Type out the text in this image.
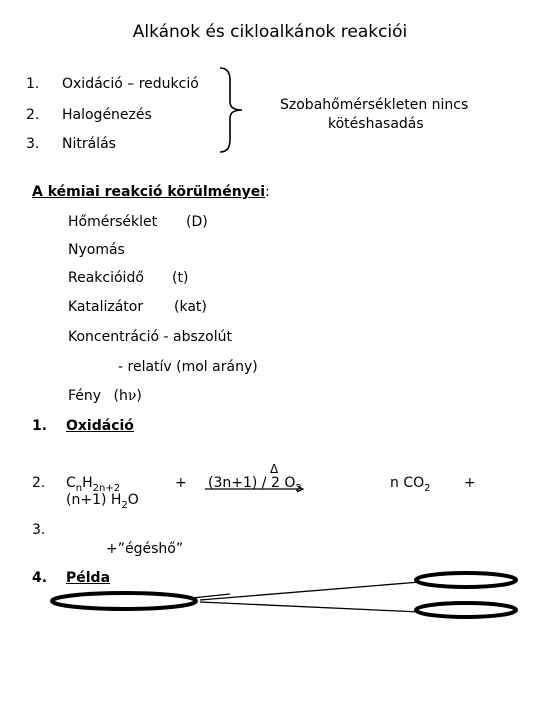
Alkánok és cikloalkánok reakciói
1. Oxidáció – redukció
2. Halogénezés
3. Nitrálás
Szobahőmérsékleten nincs
kötéshasadás
A kémiai reakció körülményei:
Hőmérséklet (D)
Nyomás
Reakcióidő (t)
Katalizátor (kat)
Koncentráció - abszolút
- relatív (mol arány)
Fény (hν)
1. Oxidáció
2. $C_nH_{2n+2}$	+
Δ
(3n+1) / 2 $O_2$	n $CO_2$ +
(n+1) $H_2O$
3.
+”égéshő”
4. Példa
